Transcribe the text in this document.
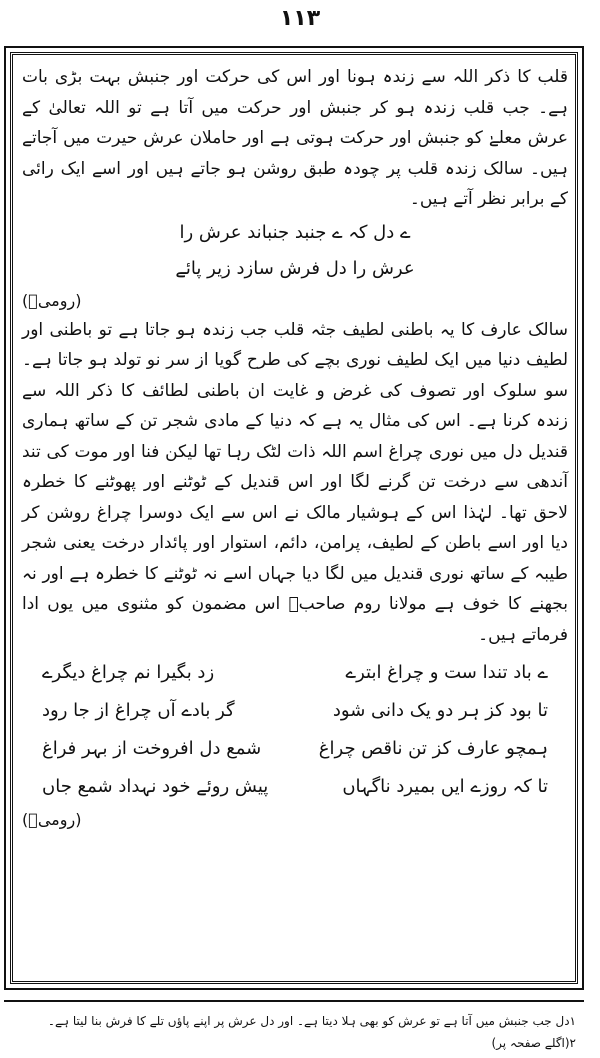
۱۱۳

قلب کا ذکر اللہ سے زندہ ہونا اور اس کی حرکت اور جنبش بہت بڑی بات ہے۔ جب قلب زندہ ہو کر جنبش اور حرکت میں آتا ہے تو اللہ تعالیٰ کے عرش معلےٰ کو جنبش اور حرکت ہوتی ہے اور حاملان عرش حیرت میں آجاتے ہیں۔ سالک زندہ قلب پر چودہ طبق روشن ہو جاتے ہیں اور اسے ایک رائی کے برابر نظر آتے ہیں۔

ے دل کہ ے جنبد جنباند عرش را

عرش را دل فرش سازد زیر پائے

(رومیؒ)

سالک عارف کا یہ باطنی لطیف جثہ قلب جب زندہ ہو جاتا ہے تو باطنی اور لطیف دنیا میں ایک لطیف نوری بچے کی طرح گویا از سر نو تولد ہو جاتا ہے۔ سو سلوک اور تصوف کی غرض و غایت ان باطنی لطائف کا ذکر اللہ سے زندہ کرنا ہے۔ اس کی مثال یہ ہے کہ دنیا کے مادی شجر تن کے ساتھ ہماری قندیل دل میں نوری چراغ اسم اللہ ذات لٹک رہا تھا لیکن فنا اور موت کی تند آندھی سے درخت تن گرنے لگا اور اس قندیل کے ٹوٹنے اور پھوٹنے کا خطرہ لاحق تھا۔ لہٰذا اس کے ہوشیار مالک نے اس سے ایک دوسرا چراغ روشن کر دیا اور اسے باطن کے لطیف، پرامن، دائم، استوار اور پائدار درخت یعنی شجر طیبہ کے ساتھ نوری قندیل میں لگا دیا جہاں اسے نہ ٹوٹنے کا خطرہ ہے اور نہ بجھنے کا خوف ہے مولانا روم صاحبؒ اس مضمون کو مثنوی میں یوں ادا فرماتے ہیں۔

ے باد تندا ست و چراغ ابترے
زد بگیرا نم چراغ دیگرے
تا بود کز ہر دو یک دانی شود
گر بادے آں چراغ از جا رود
ہمچو عارف کز تن ناقص چراغ
شمع دل افروخت از بہر فراغ
تا کہ روزے ایں بمیرد ناگہاں
پیش روئے خود نہداد شمع جاں

(رومیؒ)

۱دل جب جنبش میں آتا ہے تو عرش کو بھی ہلا دیتا ہے۔ اور دل عرش پر اپنے پاؤں تلے کا فرش بنا لیتا ہے۔ ۲(اگلے صفحہ پر)
